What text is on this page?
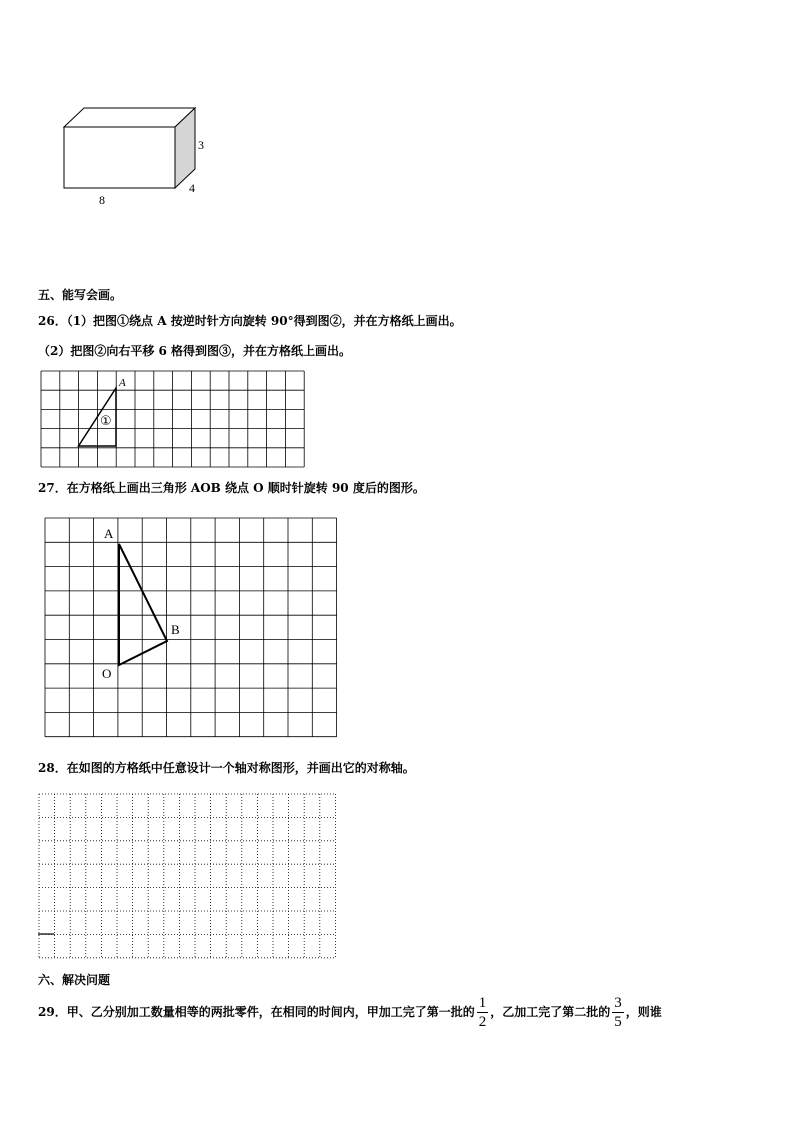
3
4
8
五、能写会画。
26．（1）把图①绕点 A 按逆时针方向旋转 90°得到图②，并在方格纸上画出。
（2）把图②向右平移 6 格得到图③，并在方格纸上画出。
A
①
27．在方格纸上画出三角形 AOB 绕点 O 顺时针旋转 90 度后的图形。
A
B
O
28．在如图的方格纸中任意设计一个轴对称图形，并画出它的对称轴。
六、解决问题
29．甲、乙分别加工数量相等的两批零件，在相同的时间内，甲加工完了第一批的 $\frac{1}{2}$ ，乙加工完了第二批的 $\frac{3}{5}$ ，则谁
